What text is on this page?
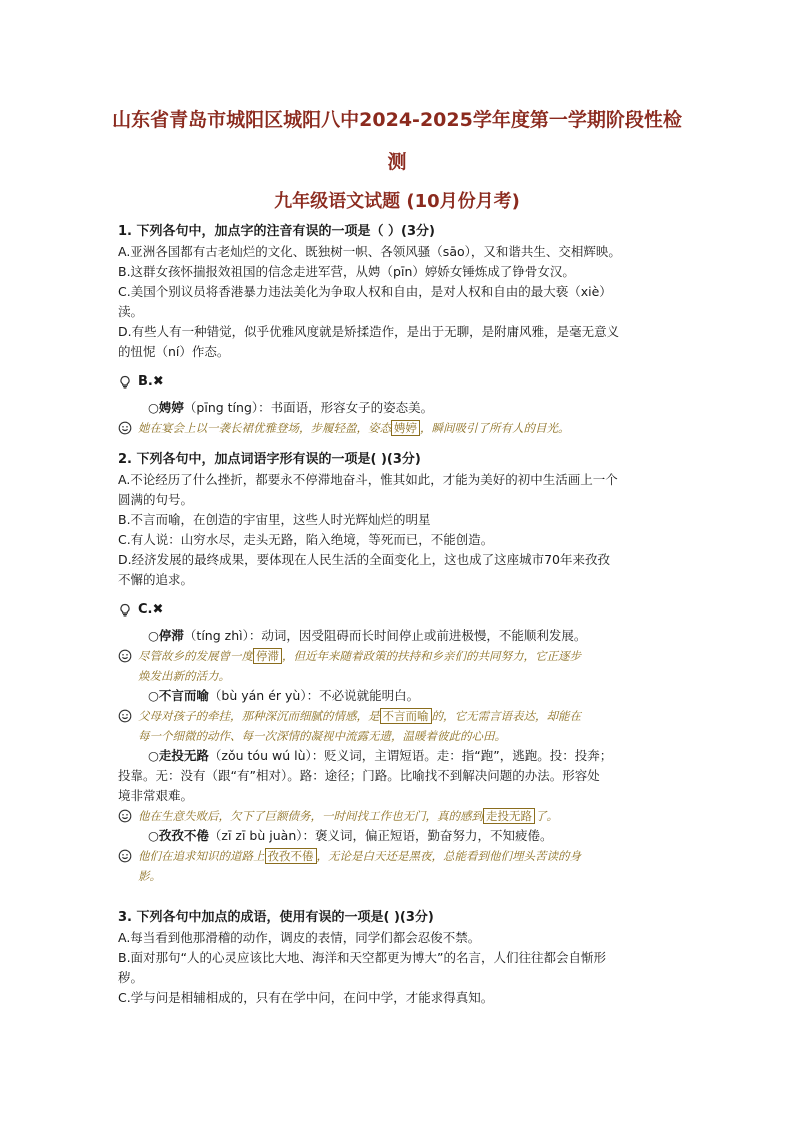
山东省青岛市城阳区城阳八中2024-2025学年度第一学期阶段性检
测
九年级语文试题 (10月份月考)
1. 下列各句中，加点字的注音有误的一项是（ ）(3分)
A.亚洲各国都有古老灿烂的文化、既独树一帜、各领风骚（sāo），又和谐共生、交相辉映。
B.这群女孩怀揣报效祖国的信念走进军营，从娉（pīn）婷娇女锤炼成了铮骨女汉。
C.美国个别议员将香港暴力违法美化为争取人权和自由，是对人权和自由的最大亵（xiè）
渎。
D.有些人有一种错觉，似乎优雅风度就是矫揉造作，是出于无聊，是附庸风雅，是毫无意义
的忸怩（ní）作态。
B.✖
○娉婷（pīng tíng）：书面语，形容女子的姿态美。
她在宴会上以一袭长裙优雅登场，步履轻盈，姿态 娉婷 ，瞬间吸引了所有人的目光。
2. 下列各句中，加点词语字形有误的一项是( )(3分)
A.不论经历了什么挫折，都要永不停滞地奋斗，惟其如此，才能为美好的初中生活画上一个
圆满的句号。
B.不言而喻，在创造的宇宙里，这些人时光辉灿烂的明星
C.有人说：山穷水尽，走头无路，陷入绝境，等死而已，不能创造。
D.经济发展的最终成果，要体现在人民生活的全面变化上，这也成了这座城市70年来孜孜
不懈的追求。
C.✖
○停滞（tíng zhì）：动词，因受阻碍而长时间停止或前进极慢，不能顺利发展。
尽管故乡的发展曾一度 停滞 ，但近年来随着政策的扶持和乡亲们的共同努力，它正逐步
焕发出新的活力。
○不言而喻（bù yán ér yù）：不必说就能明白。
父母对孩子的牵挂，那种深沉而细腻的情感，是 不言而喻 的，它无需言语表达，却能在
每一个细微的动作、每一次深情的凝视中流露无遗，温暖着彼此的心田。
○走投无路（zǒu tóu wú lù）：贬义词，主谓短语。走：指“跑”，逃跑。投：投奔；
投靠。无：没有（跟“有”相对）。路：途径；门路。比喻找不到解决问题的办法。形容处
境非常艰难。
他在生意失败后，欠下了巨额债务，一时间找工作也无门，真的感到 走投无路 了。
○孜孜不倦（zī zī bù juàn）：褒义词，偏正短语，勤奋努力，不知疲倦。
他们在追求知识的道路上 孜孜不倦 ，无论是白天还是黑夜，总能看到他们埋头苦读的身
影。
3. 下列各句中加点的成语，使用有误的一项是( )(3分)
A.每当看到他那滑稽的动作，调皮的表情，同学们都会忍俊不禁。
B.面对那句“人的心灵应该比大地、海洋和天空都更为博大”的名言，人们往往都会自惭形
秽。
C.学与问是相辅相成的，只有在学中问，在问中学，才能求得真知。
